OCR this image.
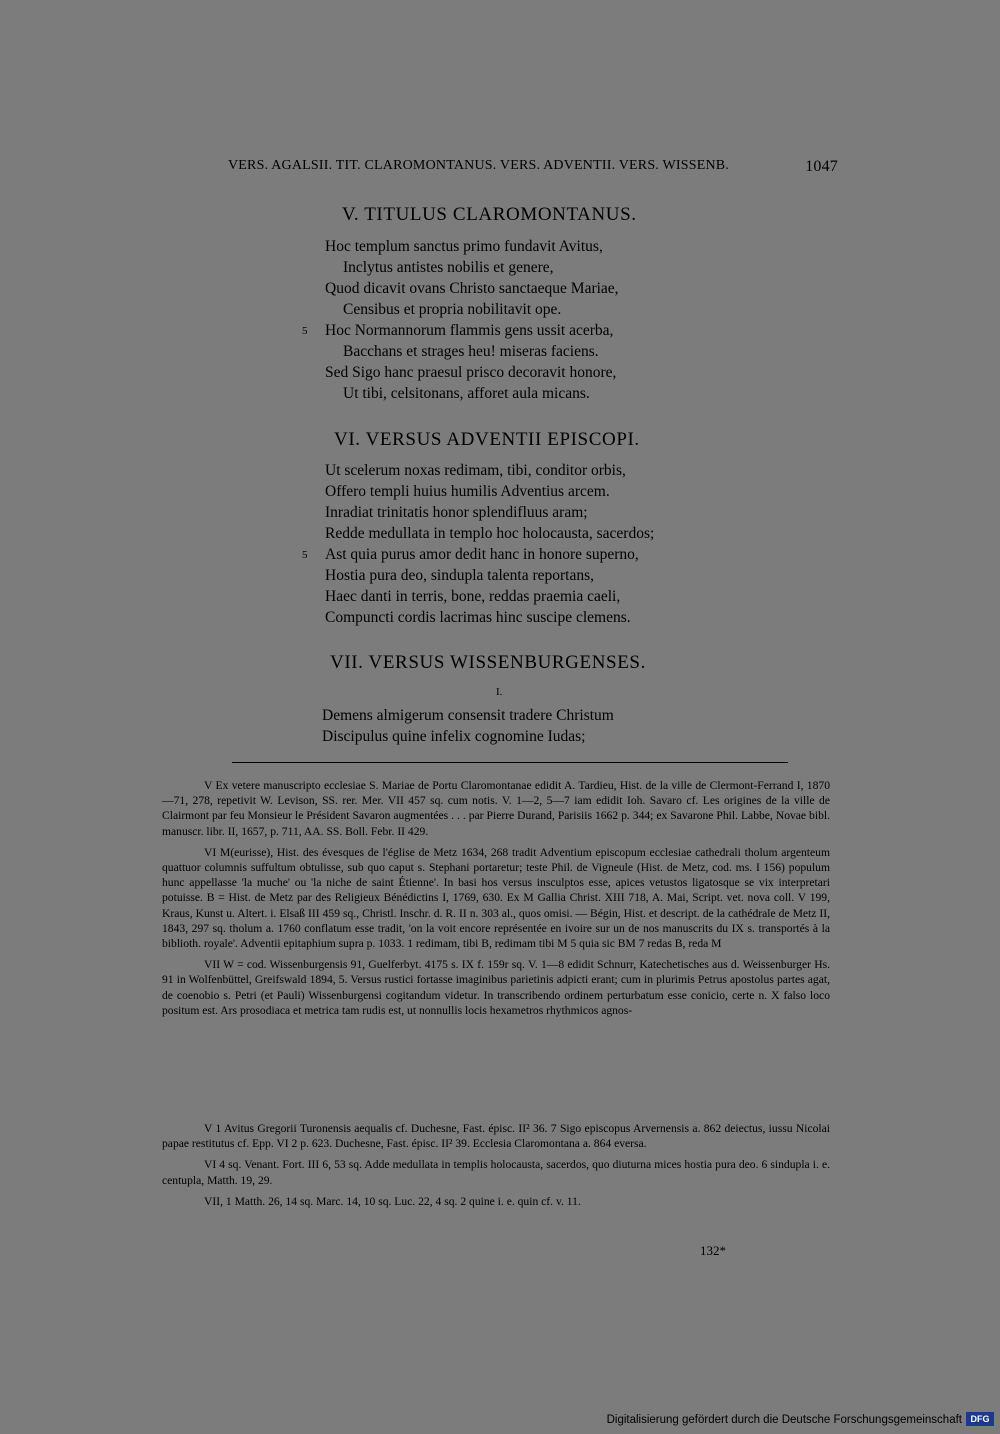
VERS. AGALSII. TIT. CLAROMONTANUS. VERS. ADVENTII. VERS. WISSENB.	1047
V. TITULUS CLAROMONTANUS.
Hoc templum sanctus primo fundavit Avitus,
Inclytus antistes nobilis et genere,
Quod dicavit ovans Christo sanctaeque Mariae,
Censibus et propria nobilitavit ope.
Hoc Normannorum flammis gens ussit acerba,
Bacchans et strages heu! miseras faciens.
Sed Sigo hanc praesul prisco decoravit honore,
Ut tibi, celsitonans, afforet aula micans.
5
VI. VERSUS ADVENTII EPISCOPI.
Ut scelerum noxas redimam, tibi, conditor orbis,
Offero templi huius humilis Adventius arcem.
Inradiat trinitatis honor splendifluus aram;
Redde medullata in templo hoc holocausta, sacerdos;
Ast quia purus amor dedit hanc in honore superno,
Hostia pura deo, sindupla talenta reportans,
Haec danti in terris, bone, reddas praemia caeli,
Compuncti cordis lacrimas hinc suscipe clemens.
5
VII. VERSUS WISSENBURGENSES.
I.
Demens almigerum consensit tradere Christum
Discipulus quine infelix cognomine Iudas;

V Ex vetere manuscripto ecclesiae S. Mariae de Portu Claromontanae edidit A. Tardieu, Hist. de la ville de Clermont-Ferrand I, 1870—71, 278, repetivit W. Levison, SS. rer. Mer. VII 457 sq. cum notis. V. 1—2, 5—7 iam edidit Ioh. Savaro cf. Les origines de la ville de Clairmont par feu Monsieur le Président Savaron augmentées . . . par Pierre Durand, Parisiis 1662 p. 344; ex Savarone Phil. Labbe, Novae bibl. manuscr. libr. II, 1657, p. 711, AA. SS. Boll. Febr. II 429.

VI M(eurisse), Hist. des évesques de l'église de Metz 1634, 268 tradit Adventium episcopum ecclesiae cathedrali tholum argenteum quattuor columnis suffultum obtulisse, sub quo caput s. Stephani portaretur; teste Phil. de Vigneule (Hist. de Metz, cod. ms. I 156) populum hunc appellasse 'la muche' ou 'la niche de saint Étienne'. In basi hos versus insculptos esse, apices vetustos ligatosque se vix interpretari potuisse. B = Hist. de Metz par des Religieux Bénédictins I, 1769, 630. Ex M Gallia Christ. XIII 718, A. Mai, Script. vet. nova coll. V 199, Kraus, Kunst u. Altert. i. Elsaß III 459 sq., Christl. Inschr. d. R. II n. 303 al., quos omisi. — Bégin, Hist. et descript. de la cathédrale de Metz II, 1843, 297 sq. tholum a. 1760 conflatum esse tradit, 'on la voit encore représentée en ivoire sur un de nos manuscrits du IX s. transportés à la biblioth. royale'. Adventii epitaphium supra p. 1033. 1 redimam, tibi B, redimam tibi M 5 quia sic BM 7 redas B, reda M

VII W = cod. Wissenburgensis 91, Guelferbyt. 4175 s. IX f. 159r sq. V. 1—8 edidit Schnurr, Katechetisches aus d. Weissenburger Hs. 91 in Wolfenbüttel, Greifswald 1894, 5. Versus rustici fortasse imaginibus parietinis adpicti erant; cum in plurimis Petrus apostolus partes agat, de coenobio s. Petri (et Pauli) Wissenburgensi cogitandum videtur. In transcribendo ordinem perturbatum esse conicio, certe n. X falso loco positum est. Ars prosodiaca et metrica tam rudis est, ut nonnullis locis hexametros rhythmicos agnos-

V 1 Avitus Gregorii Turonensis aequalis cf. Duchesne, Fast. épisc. II² 36. 7 Sigo episcopus Arvernensis a. 862 deiectus, iussu Nicolai papae restitutus cf. Epp. VI 2 p. 623. Duchesne, Fast. épisc. II² 39. Ecclesia Claromontana a. 864 eversa.

VI 4 sq. Venant. Fort. III 6, 53 sq. Adde medullata in templis holocausta, sacerdos, quo diuturna mices hostia pura deo. 6 sindupla i. e. centupla, Matth. 19, 29.

VII, 1 Matth. 26, 14 sq. Marc. 14, 10 sq. Luc. 22, 4 sq. 2 quine i. e. quin cf. v. 11.

132*
Digitalisierung gefördert durch die Deutsche Forschungsgemeinschaft DFG
